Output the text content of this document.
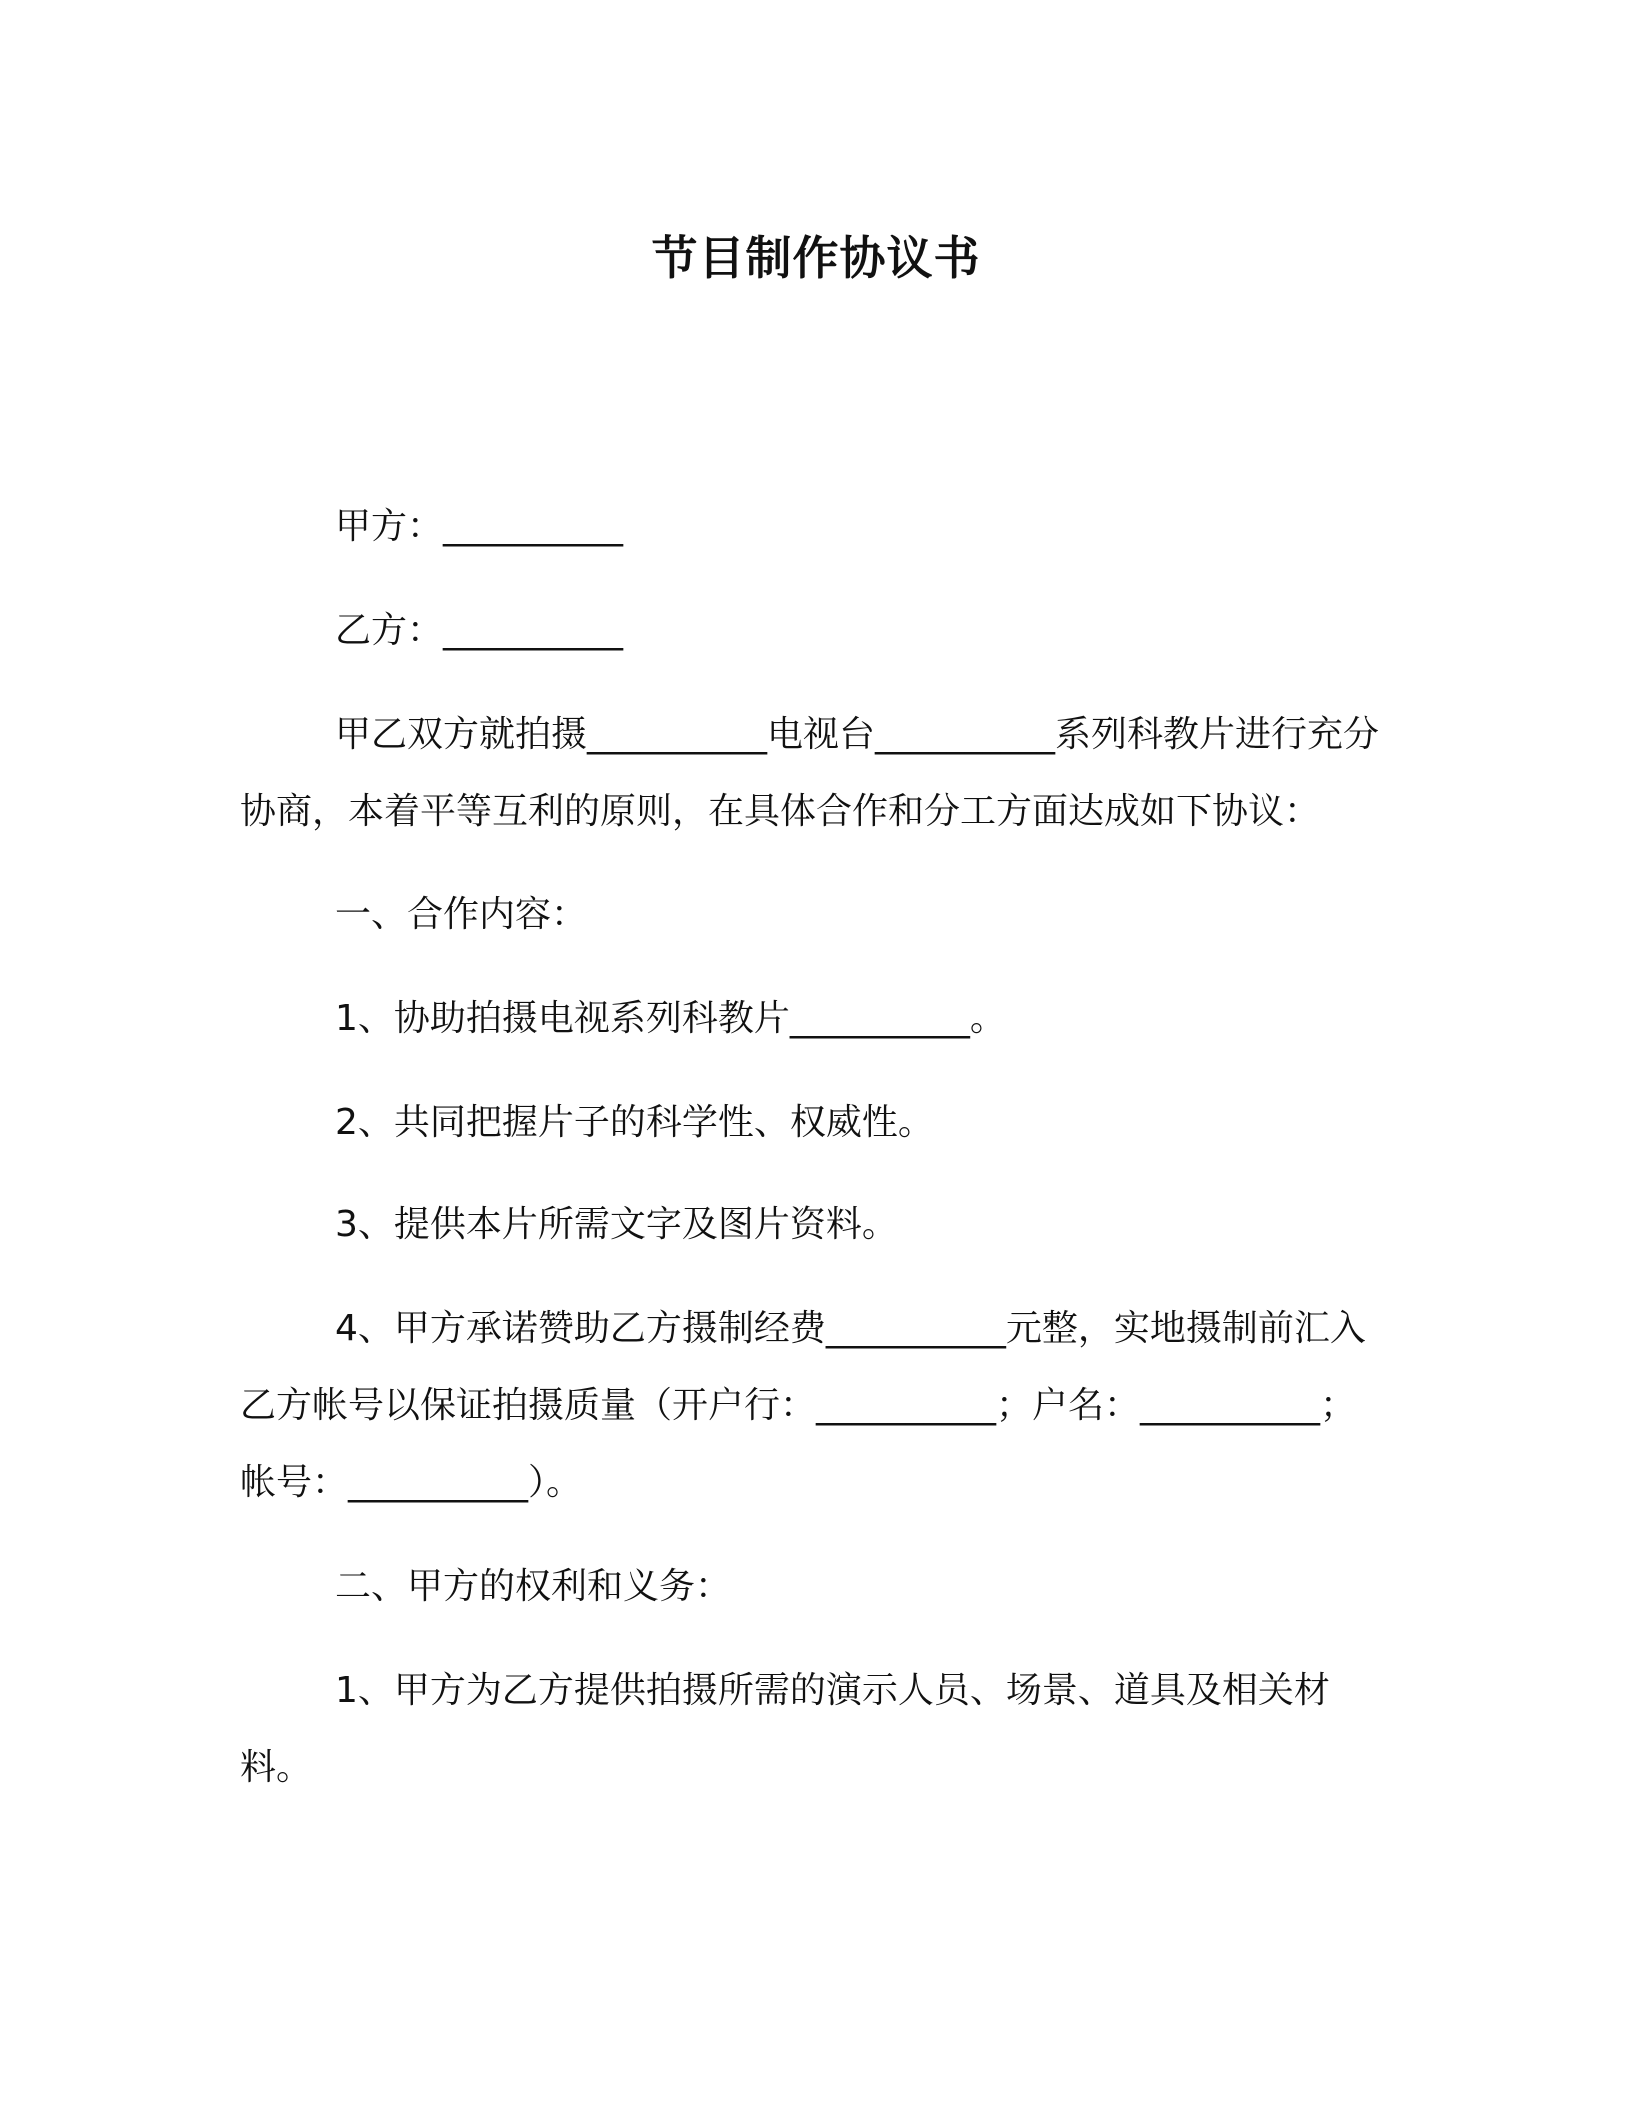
节目制作协议书

甲方：__________

乙方：__________

甲乙双方就拍摄__________电视台__________系列科教片进行充分协商，本着平等互利的原则，在具体合作和分工方面达成如下协议：

一、合作内容：

1、协助拍摄电视系列科教片__________。

2、共同把握片子的科学性、权威性。

3、提供本片所需文字及图片资料。

4、甲方承诺赞助乙方摄制经费__________元整，实地摄制前汇入乙方帐号以保证拍摄质量（开户行：__________；户名：__________；帐号：__________）。

二、甲方的权利和义务：

1、甲方为乙方提供拍摄所需的演示人员、场景、道具及相关材料。
